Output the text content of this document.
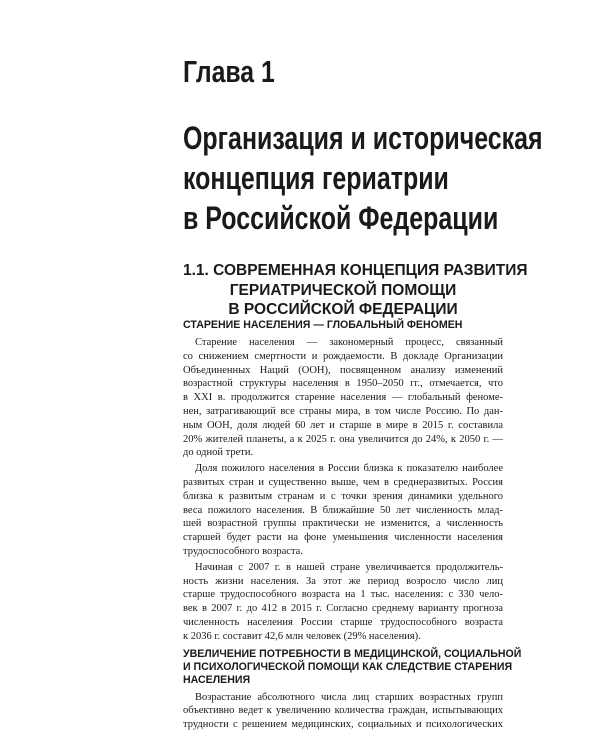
Глава 1
Организация и историческая
концепция гериатрии
в Российской Федерации
1.1. СОВРЕМЕННАЯ КОНЦЕПЦИЯ РАЗВИТИЯ
ГЕРИАТРИЧЕСКОЙ ПОМОЩИ
В РОССИЙСКОЙ ФЕДЕРАЦИИ
СТАРЕНИЕ НАСЕЛЕНИЯ — ГЛОБАЛЬНЫЙ ФЕНОМЕН

Старение населения — закономерный процесс, связанный
со снижением смертности и рождаемости. В докладе Организации
Объединенных Наций (ООН), посвященном анализу изменений
возрастной структуры населения в 1950–2050 гг., отмечается, что
в XXI в. продолжится старение населения — глобальный феноме-
нен, затрагивающий все страны мира, в том числе Россию. По дан-
ным ООН, доля людей 60 лет и старше в мире в 2015 г. составила
20% жителей планеты, а к 2025 г. она увеличится до 24%, к 2050 г. —
до одной трети.

Доля пожилого населения в России близка к показателю наиболее
развитых стран и существенно выше, чем в среднеразвитых. Россия
близка к развитым странам и с точки зрения динамики удельного
веса пожилого населения. В ближайшие 50 лет численность млад-
шей возрастной группы практически не изменится, а численность
старшей будет расти на фоне уменьшения численности населения
трудоспособного возраста.

Начиная с 2007 г. в нашей стране увеличивается продолжитель-
ность жизни населения. За этот же период возросло число лиц
старше трудоспособного возраста на 1 тыс. населения: с 330 чело-
век в 2007 г. до 412 в 2015 г. Согласно среднему варианту прогноза
численность населения России старше трудоспособного возраста
к 2036 г. составит 42,6 млн человек (29% населения).

УВЕЛИЧЕНИЕ ПОТРЕБНОСТИ В МЕДИЦИНСКОЙ, СОЦИАЛЬНОЙ
И ПСИХОЛОГИЧЕСКОЙ ПОМОЩИ КАК СЛЕДСТВИЕ СТАРЕНИЯ
НАСЕЛЕНИЯ

Возрастание абсолютного числа лиц старших возрастных групп
объективно ведет к увеличению количества граждан, испытывающих
трудности с решением медицинских, социальных и психологических
